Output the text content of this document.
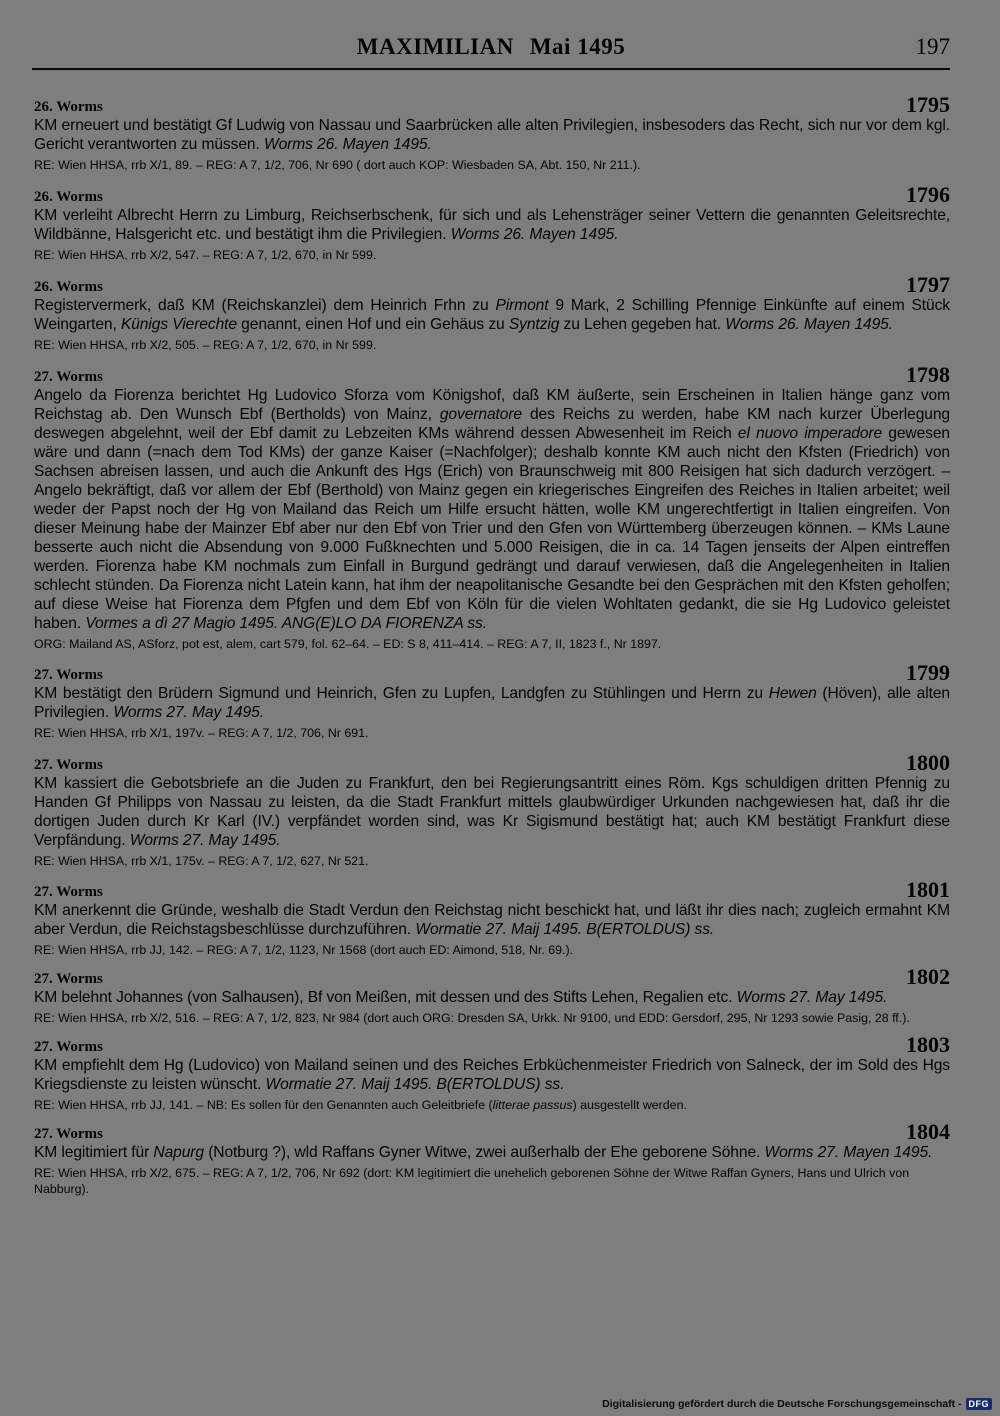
MAXIMILIAN Mai 1495	197
26. Worms	1795
KM erneuert und bestätigt Gf Ludwig von Nassau und Saarbrücken alle alten Privilegien, insbesoders das Recht, sich nur vor dem kgl. Gericht verantworten zu müssen. Worms 26. Mayen 1495.
RE: Wien HHSA, rrb X/1, 89. – REG: A 7, 1/2, 706, Nr 690 ( dort auch KOP: Wiesbaden SA, Abt. 150, Nr 211.).
26. Worms	1796
KM verleiht Albrecht Herrn zu Limburg, Reichserbschenk, für sich und als Lehensträger seiner Vettern die genannten Geleitsrechte, Wildbänne, Halsgericht etc. und bestätigt ihm die Privilegien. Worms 26. Mayen 1495.
RE: Wien HHSA, rrb X/2, 547. – REG: A 7, 1/2, 670, in Nr 599.
26. Worms	1797
Registervermerk, daß KM (Reichskanzlei) dem Heinrich Frhn zu Pirmont 9 Mark, 2 Schilling Pfennige Einkünfte auf einem Stück Weingarten, Künigs Vierechte genannt, einen Hof und ein Gehäus zu Syntzig zu Lehen gegeben hat. Worms 26. Mayen 1495.
RE: Wien HHSA, rrb X/2, 505. – REG: A 7, 1/2, 670, in Nr 599.
27. Worms	1798
Angelo da Fiorenza berichtet Hg Ludovico Sforza vom Königshof, daß KM äußerte, sein Erscheinen in Italien hänge ganz vom Reichstag ab. Den Wunsch Ebf (Bertholds) von Mainz, governatore des Reichs zu werden, habe KM nach kurzer Überlegung deswegen abgelehnt, weil der Ebf damit zu Lebzeiten KMs während dessen Abwesenheit im Reich el nuovo imperadore gewesen wäre und dann (=nach dem Tod KMs) der ganze Kaiser (=Nachfolger); deshalb konnte KM auch nicht den Kfsten (Friedrich) von Sachsen abreisen lassen, und auch die Ankunft des Hgs (Erich) von Braunschweig mit 800 Reisigen hat sich dadurch verzögert. – Angelo bekräftigt, daß vor allem der Ebf (Berthold) von Mainz gegen ein kriegerisches Eingreifen des Reiches in Italien arbeitet; weil weder der Papst noch der Hg von Mailand das Reich um Hilfe ersucht hätten, wolle KM ungerechtfertigt in Italien eingreifen. Von dieser Meinung habe der Mainzer Ebf aber nur den Ebf von Trier und den Gfen von Württemberg überzeugen können. – KMs Laune besserte auch nicht die Absendung von 9.000 Fußknechten und 5.000 Reisigen, die in ca. 14 Tagen jenseits der Alpen eintreffen werden. Fiorenza habe KM nochmals zum Einfall in Burgund gedrängt und darauf verwiesen, daß die Angelegenheiten in Italien schlecht stünden. Da Fiorenza nicht Latein kann, hat ihm der neapolitanische Gesandte bei den Gesprächen mit den Kfsten geholfen; auf diese Weise hat Fiorenza dem Pfgfen und dem Ebf von Köln für die vielen Wohltaten gedankt, die sie Hg Ludovico geleistet haben. Vormes a dì 27 Magio 1495. ANG(E)LO DA FIORENZA ss.
ORG: Mailand AS, ASforz, pot est, alem, cart 579, fol. 62–64. – ED: S 8, 411–414. – REG: A 7, II, 1823 f., Nr 1897.
27. Worms	1799
KM bestätigt den Brüdern Sigmund und Heinrich, Gfen zu Lupfen, Landgfen zu Stühlingen und Herrn zu Hewen (Höven), alle alten Privilegien. Worms 27. May 1495.
RE: Wien HHSA, rrb X/1, 197v. – REG: A 7, 1/2, 706, Nr 691.
27. Worms	1800
KM kassiert die Gebotsbriefe an die Juden zu Frankfurt, den bei Regierungsantritt eines Röm. Kgs schuldigen dritten Pfennig zu Handen Gf Philipps von Nassau zu leisten, da die Stadt Frankfurt mittels glaubwürdiger Urkunden nachgewiesen hat, daß ihr die dortigen Juden durch Kr Karl (IV.) verpfändet worden sind, was Kr Sigismund bestätigt hat; auch KM bestätigt Frankfurt diese Verpfändung. Worms 27. May 1495.
RE: Wien HHSA, rrb X/1, 175v. – REG: A 7, 1/2, 627, Nr 521.
27. Worms	1801
KM anerkennt die Gründe, weshalb die Stadt Verdun den Reichstag nicht beschickt hat, und läßt ihr dies nach; zugleich ermahnt KM aber Verdun, die Reichstagsbeschlüsse durchzuführen. Wormatie 27. Maij 1495. B(ERTOLDUS) ss.
RE: Wien HHSA, rrb JJ, 142. – REG: A 7, 1/2, 1123, Nr 1568 (dort auch ED: Aimond, 518, Nr. 69.).
27. Worms	1802
KM belehnt Johannes (von Salhausen), Bf von Meißen, mit dessen und des Stifts Lehen, Regalien etc. Worms 27. May 1495.
RE: Wien HHSA, rrb X/2, 516. – REG: A 7, 1/2, 823, Nr 984 (dort auch ORG: Dresden SA, Urkk. Nr 9100, und EDD: Gersdorf, 295, Nr 1293 sowie Pasig, 28 ff.).
27. Worms	1803
KM empfiehlt dem Hg (Ludovico) von Mailand seinen und des Reiches Erbküchenmeister Friedrich von Salneck, der im Sold des Hgs Kriegsdienste zu leisten wünscht. Wormatie 27. Maij 1495. B(ERTOLDUS) ss.
RE: Wien HHSA, rrb JJ, 141. – NB: Es sollen für den Genannten auch Geleitbriefe (litterae passus) ausgestellt werden.
27. Worms	1804
KM legitimiert für Napurg (Notburg ?), wld Raffans Gyner Witwe, zwei außerhalb der Ehe geborene Söhne. Worms 27. Mayen 1495.
RE: Wien HHSA, rrb X/2, 675. – REG: A 7, 1/2, 706, Nr 692 (dort: KM legitimiert die unehelich geborenen Söhne der Witwe Raffan Gyners, Hans und Ulrich von Nabburg).
Digitalisierung gefördert durch die Deutsche Forschungsgemeinschaft - DFG
